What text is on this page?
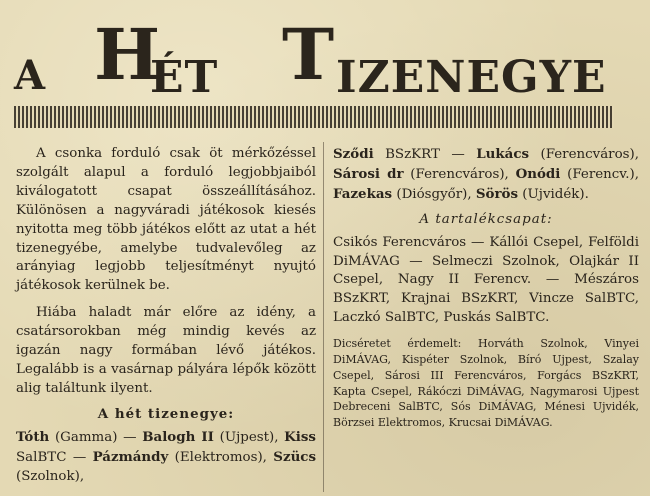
A H
ÉT T IZENEGYE

A csonka forduló csak öt mérkőzéssel szolgált alapul a forduló legjobbjaiból kiválogatott csapat összeállításához. Különösen a nagyváradi játékosok kiesés nyitotta meg több játékos előtt az utat a hét tizenegyébe, amelybe tudvalevőleg az arányiag legjobb teljesítményt nyujtó játékosok kerülnek be.

Hiába haladt már előre az idény, a csatársorokban még mindig kevés az igazán nagy formában lévő játékos. Legalább is a vasárnap pályára lépők között alig találtunk ilyent.

A hét tizenegye:

Tóth (Gamma) — Balogh II (Ujpest), Kiss SalBTC — Pázmándy (Elektromos), Szücs (Szolnok),

Sződi BSzKRT — Lukács (Ferencváros), Sárosi dr (Ferencváros), Onódi (Ferencv.), Fazekas (Diósgyőr), Sörös (Ujvidék).

A tartalékcsapat:

Csikós Ferencváros — Kállói Csepel, Felföldi DiMÁVAG — Selmeczi Szolnok, Olajkár II Csepel, Nagy II Ferencv. — Mészáros BSzKRT, Krajnai BSzKRT, Vincze SalBTC, Laczkó SalBTC, Puskás SalBTC.

Dicséretet érdemelt: Horváth Szolnok, Vinyei DiMÁVAG, Kispéter Szolnok, Bíró Ujpest, Szalay Csepel, Sárosi III Ferencváros, Forgács BSzKRT, Kapta Csepel, Rákóczi DiMÁVAG, Nagymarosi Ujpest Debreceni SalBTC, Sós DiMÁVAG, Ménesi Ujvidék, Börzsei Elektromos, Krucsai DiMÁVAG.
